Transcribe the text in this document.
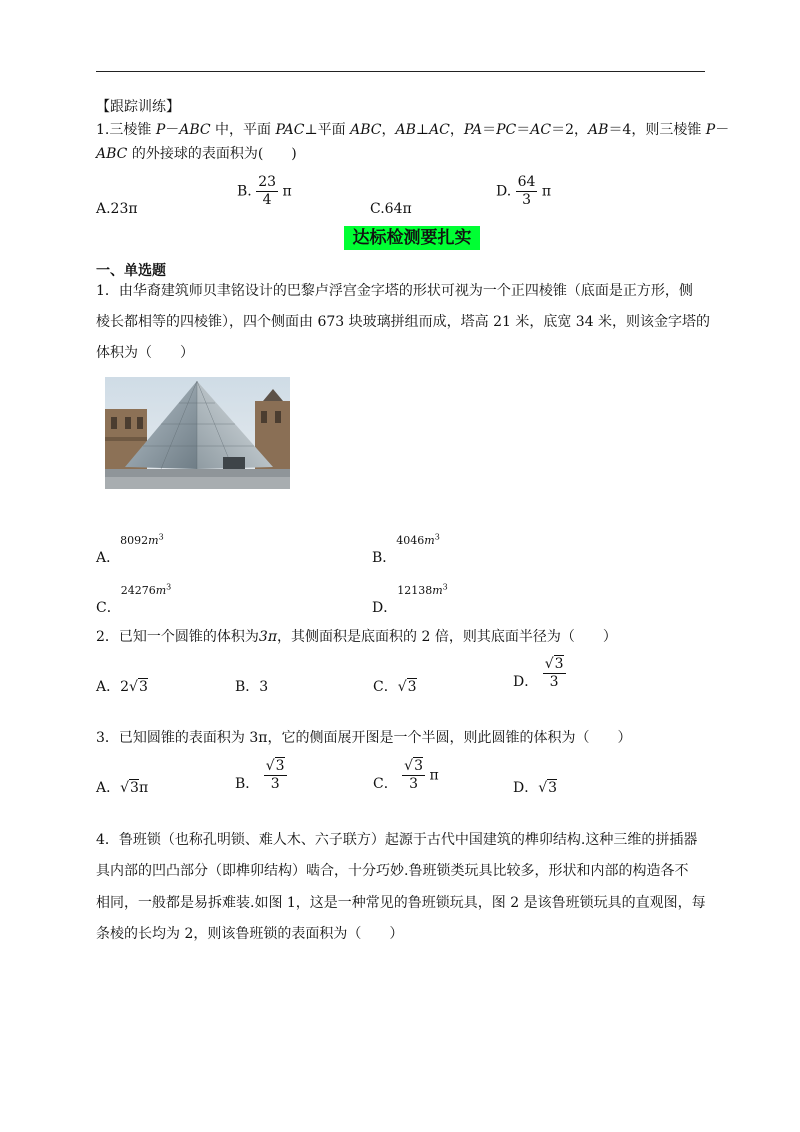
【跟踪训练】
1.三棱锥 P－ABC 中，平面 PAC⊥平面 ABC，AB⊥AC，PA＝PC＝AC＝2，AB＝4，则三棱锥 P－
ABC 的外接球的表面积为(　　)
A.23π
B. $\frac{23}{4}$ π
C.64π
D. $\frac{64}{3}$ π
达标检测要扎实
一、单选题
1．由华裔建筑师贝聿铭设计的巴黎卢浮宫金字塔的形状可视为一个正四棱锥（底面是正方形，侧
棱长都相等的四棱锥），四个侧面由 673 块玻璃拼组而成，塔高 21 米，底宽 34 米，则该金字塔的
体积为（　　）
A．$^{8092m^3}$
B．$^{4046m^3}$
C．$^{24276m^3}$
D．$^{12138m^3}$
2．已知一个圆锥的体积为3π，其侧面积是底面积的 2 倍，则其底面半径为（　　）
A．2√3	B．3	C．√3	D． $\frac{√3}{3}$
3．已知圆锥的表面积为 3π，它的侧面展开图是一个半圆，则此圆锥的体积为（　　）
A．√3π	B． $\frac{√3}{3}$	C． $\frac{√3}{3}$ π
D．√3
4．鲁班锁（也称孔明锁、难人木、六子联方）起源于古代中国建筑的榫卯结构.这种三维的拼插器
具内部的凹凸部分（即榫卯结构）啮合，十分巧妙.鲁班锁类玩具比较多，形状和内部的构造各不
相同，一般都是易拆难装.如图 1，这是一种常见的鲁班锁玩具，图 2 是该鲁班锁玩具的直观图，每
条棱的长均为 2，则该鲁班锁的表面积为（　　）
